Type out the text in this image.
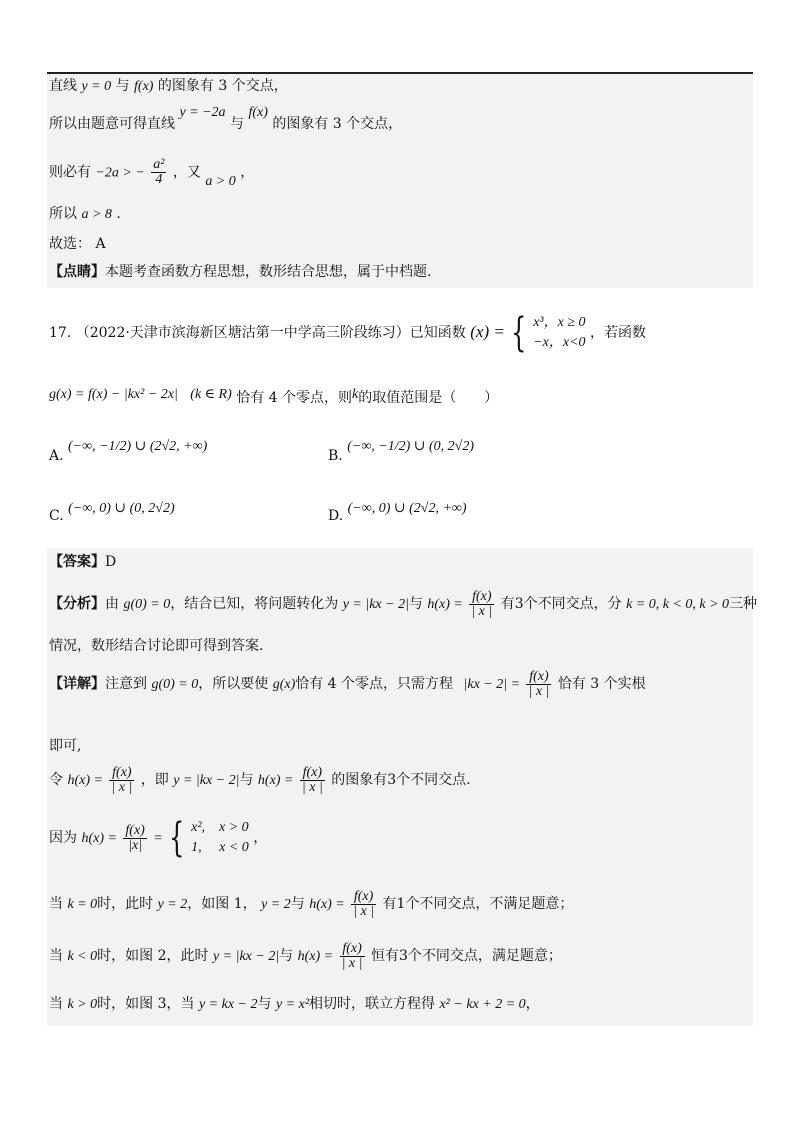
直线 y = 0 与 f(x) 的图象有 3 个交点，
所以由题意可得直线 y = −2a 与 f(x) 的图象有 3 个交点，
则必有 −2a > − $\frac{\text{a²}}{4}$ ，又 a > 0 ，
所以 a > 8 .
故选： A
【点睛】本题考查函数方程思想，数形结合思想，属于中档题.
17. （2022·天津市滨海新区塘沽第一中学高三阶段练习）已知函数 (x) = { x³，x ≥ 0
−x，x<0
，若函数
g(x) = f(x) − |kx² − 2x| (k ∈ R) 恰有 4 个零点，则k的取值范围是（　　）
A. (−∞, −1/2) ∪ (2√2, +∞)
B. (−∞, −1/2) ∪ (0, 2√2)
C. (−∞, 0) ∪ (0, 2√2)	D. (−∞, 0) ∪ (2√2, +∞)
【答案】D
【分析】由 g(0) = 0，结合已知，将问题转化为 y = |kx − 2|与 $h(x) = \frac{f(x)}{| x |}$ 有3个不同交点，分 k = 0, k < 0, k > 0三种
情况，数形结合讨论即可得到答案.
【详解】注意到 g(0) = 0，所以要使 g(x)恰有 4 个零点，只需方程 $|kx - 2| = \frac{f(x)}{| x |}$ 恰有 3 个实根
即可,
令 $h(x) = \frac{f(x)}{| x |}$ ，即 y = |kx − 2|与 $h(x) = \frac{f(x)}{| x |}$ 的图象有3个不同交点.
因为 $h(x) = \frac{f(x)}{|x|}$ = { x²,　x > 0
1,　 x < 0
，
当 k = 0时，此时 y = 2，如图 1， y = 2与 $h(x) = \frac{f(x)}{| x |}$ 有1个不同交点，不满足题意；
当 k < 0时，如图 2，此时 y = |kx − 2|与 $h(x) = \frac{f(x)}{| x |}$ 恒有3个不同交点，满足题意；
当 k > 0时，如图 3，当 y = kx − 2与 y = x²相切时，联立方程得 x² − kx + 2 = 0，
